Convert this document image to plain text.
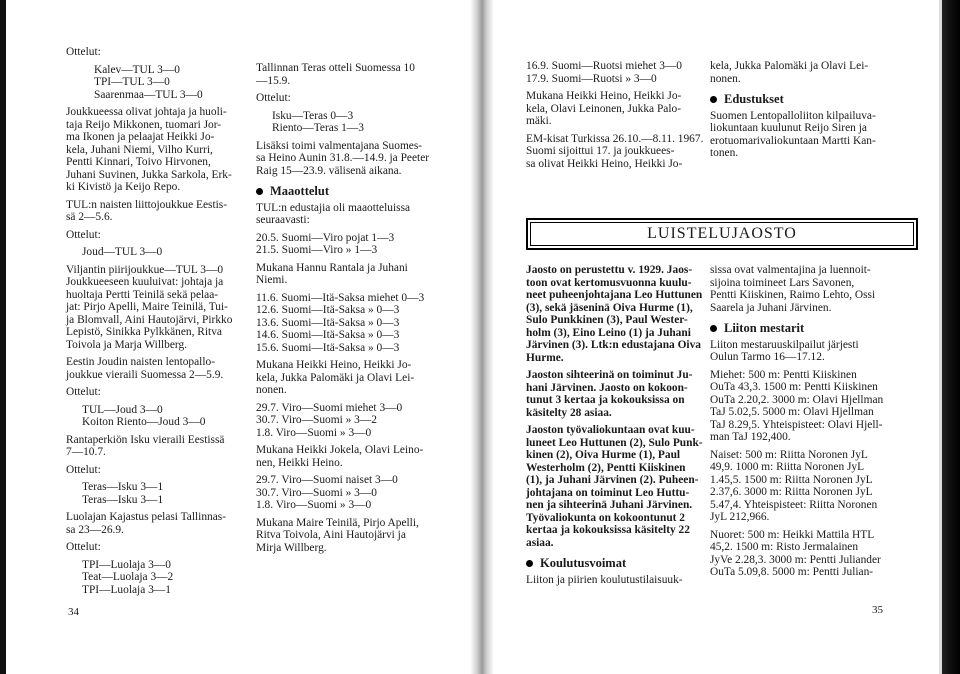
Ottelut:

Kalev—TUL 3—0
TPI—TUL 3—0
Saarenmaa—TUL 3—0

Joukkueessa olivat johtaja ja huoli-
taja Reijo Mikkonen, tuomari Jor-
ma Ikonen ja pelaajat Heikki Jo-
kela, Juhani Niemi, Vilho Kurri,
Pentti Kinnari, Toivo Hirvonen,
Juhani Suvinen, Jukka Sarkola, Erk-
ki Kivistö ja Keijo Repo.

TUL:n naisten liittojoukkue Eestis-
sä 2—5.6.

Ottelut:

Joud—TUL 3—0

Viljantin piirijoukkue—TUL 3—0
Joukkueeseen kuuluivat: johtaja ja
huoltaja Pertti Teinilä sekä pelaa-
jat: Pirjo Apelli, Maire Teinilä, Tui-
ja Blomvall, Aini Hautojärvi, Pirkko
Lepistö, Sinikka Pylkkänen, Ritva
Toivola ja Marja Willberg.

Eestin Joudin naisten lentopallo-
joukkue vieraili Suomessa 2—5.9.

Ottelut:

TUL—Joud 3—0
Koiton Riento—Joud 3—0

Rantaperkiön Isku vieraili Eestissä
7—10.7.

Ottelut:

Teras—Isku 3—1
Teras—Isku 3—1

Luolajan Kajastus pelasi Tallinnas-
sa 23—26.9.

Ottelut:

TPI—Luolaja 3—0
Teat—Luolaja 3—2
TPI—Luolaja 3—1

Tallinnan Teras otteli Suomessa 10
—15.9.

Ottelut:

Isku—Teras 0—3
Riento—Teras 1—3

Lisäksi toimi valmentajana Suomes-
sa Heino Aunin 31.8.—14.9. ja Peeter
Raig 15—23.9. välisenä aikana.

Maaottelut

TUL:n edustajia oli maaotteluissa
seuraavasti:

20.5. Suomi—Viro pojat 1—3
21.5. Suomi—Viro » 1—3

Mukana Hannu Rantala ja Juhani
Niemi.

11.6. Suomi—Itä-Saksa miehet 0—3
12.6. Suomi—Itä-Saksa » 0—3
13.6. Suomi—Itä-Saksa » 0—3
14.6. Suomi—Itä-Saksa » 0—3
15.6. Suomi—Itä-Saksa » 0—3

Mukana Heikki Heino, Heikki Jo-
kela, Jukka Palomäki ja Olavi Lei-
nonen.

29.7. Viro—Suomi miehet 3—0
30.7. Viro—Suomi » 3—2
1.8. Viro—Suomi » 3—0

Mukana Heikki Jokela, Olavi Leino-
nen, Heikki Heino.

29.7. Viro—Suomi naiset 3—0
30.7. Viro—Suomi » 3—0
1.8. Viro—Suomi » 3—0

Mukana Maire Teinilä, Pirjo Apelli,
Ritva Toivola, Aini Hautojärvi ja
Mirja Willberg.

34

16.9. Suomi—Ruotsi miehet 3—0
17.9. Suomi—Ruotsi » 3—0

Mukana Heikki Heino, Heikki Jo-
kela, Olavi Leinonen, Jukka Palo-
mäki.

EM-kisat Turkissa 26.10.—8.11. 1967.
Suomi sijoittui 17. ja joukkuees-
sa olivat Heikki Heino, Heikki Jo-

kela, Jukka Palomäki ja Olavi Lei-
nonen.

Edustukset

Suomen Lentopalloliiton kilpailuva-
liokuntaan kuulunut Reijo Siren ja
erotuomarivaliokuntaan Martti Kan-
tonen.

LUISTELUJAOSTO

Jaosto on perustettu v. 1929. Jaos-
toon ovat kertomusvuonna kuulu-
neet puheenjohtajana Leo Huttunen
(3), sekä jäseninä Oiva Hurme (1),
Sulo Punkkinen (3), Paul Wester-
holm (3), Eino Leino (1) ja Juhani
Järvinen (3). Ltk:n edustajana Oiva
Hurme.

Jaoston sihteerinä on toiminut Ju-
hani Järvinen. Jaosto on kokoon-
tunut 3 kertaa ja kokouksissa on
käsitelty 28 asiaa.

Jaoston työvaliokuntaan ovat kuu-
luneet Leo Huttunen (2), Sulo Punk-
kinen (2), Oiva Hurme (1), Paul
Westerholm (2), Pentti Kiiskinen
(1), ja Juhani Järvinen (2). Puheen-
johtajana on toiminut Leo Huttu-
nen ja sihteerinä Juhani Järvinen.
Työvaliokunta on kokoontunut 2
kertaa ja kokouksissa käsitelty 22
asiaa.

Koulutusvoimat

Liiton ja piirien koulutustilaisuuk-

sissa ovat valmentajina ja luennoit-
sijoina toimineet Lars Savonen,
Pentti Kiiskinen, Raimo Lehto, Ossi
Saarela ja Juhani Järvinen.

Liiton mestarit

Liiton mestaruuskilpailut järjesti
Oulun Tarmo 16—17.12.

Miehet: 500 m: Pentti Kiiskinen
OuTa 43,3. 1500 m: Pentti Kiiskinen
OuTa 2.20,2. 3000 m: Olavi Hjellman
TaJ 5.02,5. 5000 m: Olavi Hjellman
TaJ 8.29,5. Yhteispisteet: Olavi Hjell-
man TaJ 192,400.

Naiset: 500 m: Riitta Noronen JyL
49,9. 1000 m: Riitta Noronen JyL
1.45,5. 1500 m: Riitta Noronen JyL
2.37,6. 3000 m: Riitta Noronen JyL
5.47,4. Yhteispisteet: Riitta Noronen
JyL 212,966.

Nuoret: 500 m: Heikki Mattila HTL
45,2. 1500 m: Risto Jermalainen
JyVe 2.28,3. 3000 m: Pentti Juliander
OuTa 5.09,8. 5000 m: Pentti Julian-

35
